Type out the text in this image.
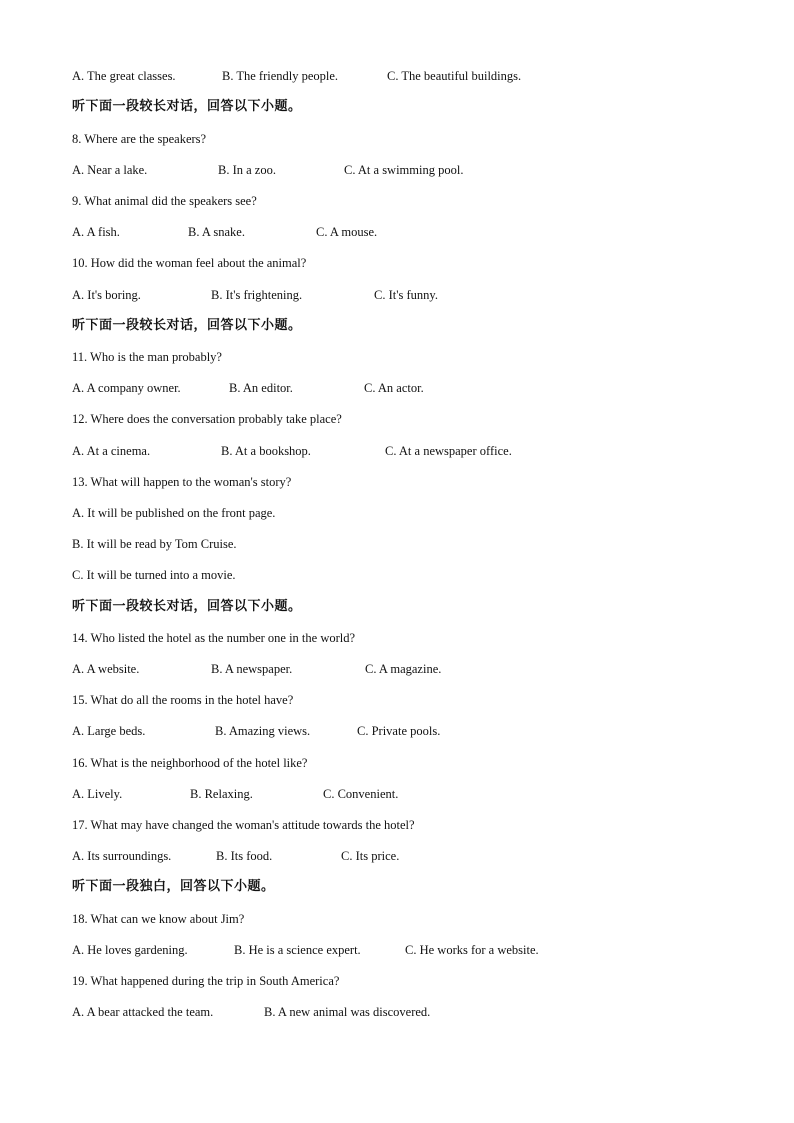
A. The great classes.	B. The friendly people.	C. The beautiful buildings.
听下面一段较长对话，回答以下小题。
8. Where are the speakers?
A. Near a lake.	B. In a zoo.	C. At a swimming pool.
9. What animal did the speakers see?
A. A fish.	B. A snake.	C. A mouse.
10. How did the woman feel about the animal?
A. It's boring.	B. It's frightening.	C. It's funny.
听下面一段较长对话，回答以下小题。
11. Who is the man probably?
A. A company owner.	B. An editor.	C. An actor.
12. Where does the conversation probably take place?
A. At a cinema.	B. At a bookshop.	C. At a newspaper office.
13. What will happen to the woman's story?
A. It will be published on the front page.
B. It will be read by Tom Cruise.
C. It will be turned into a movie.
听下面一段较长对话，回答以下小题。
14. Who listed the hotel as the number one in the world?
A. A website.	B. A newspaper.	C. A magazine.
15. What do all the rooms in the hotel have?
A. Large beds.	B. Amazing views.	C. Private pools.
16. What is the neighborhood of the hotel like?
A. Lively.	B. Relaxing.	C. Convenient.
17. What may have changed the woman's attitude towards the hotel?
A. Its surroundings.	B. Its food.	C. Its price.
听下面一段独白，回答以下小题。
18. What can we know about Jim?
A. He loves gardening.	B. He is a science expert.	C. He works for a website.
19. What happened during the trip in South America?
A. A bear attacked the team.	B. A new animal was discovered.
